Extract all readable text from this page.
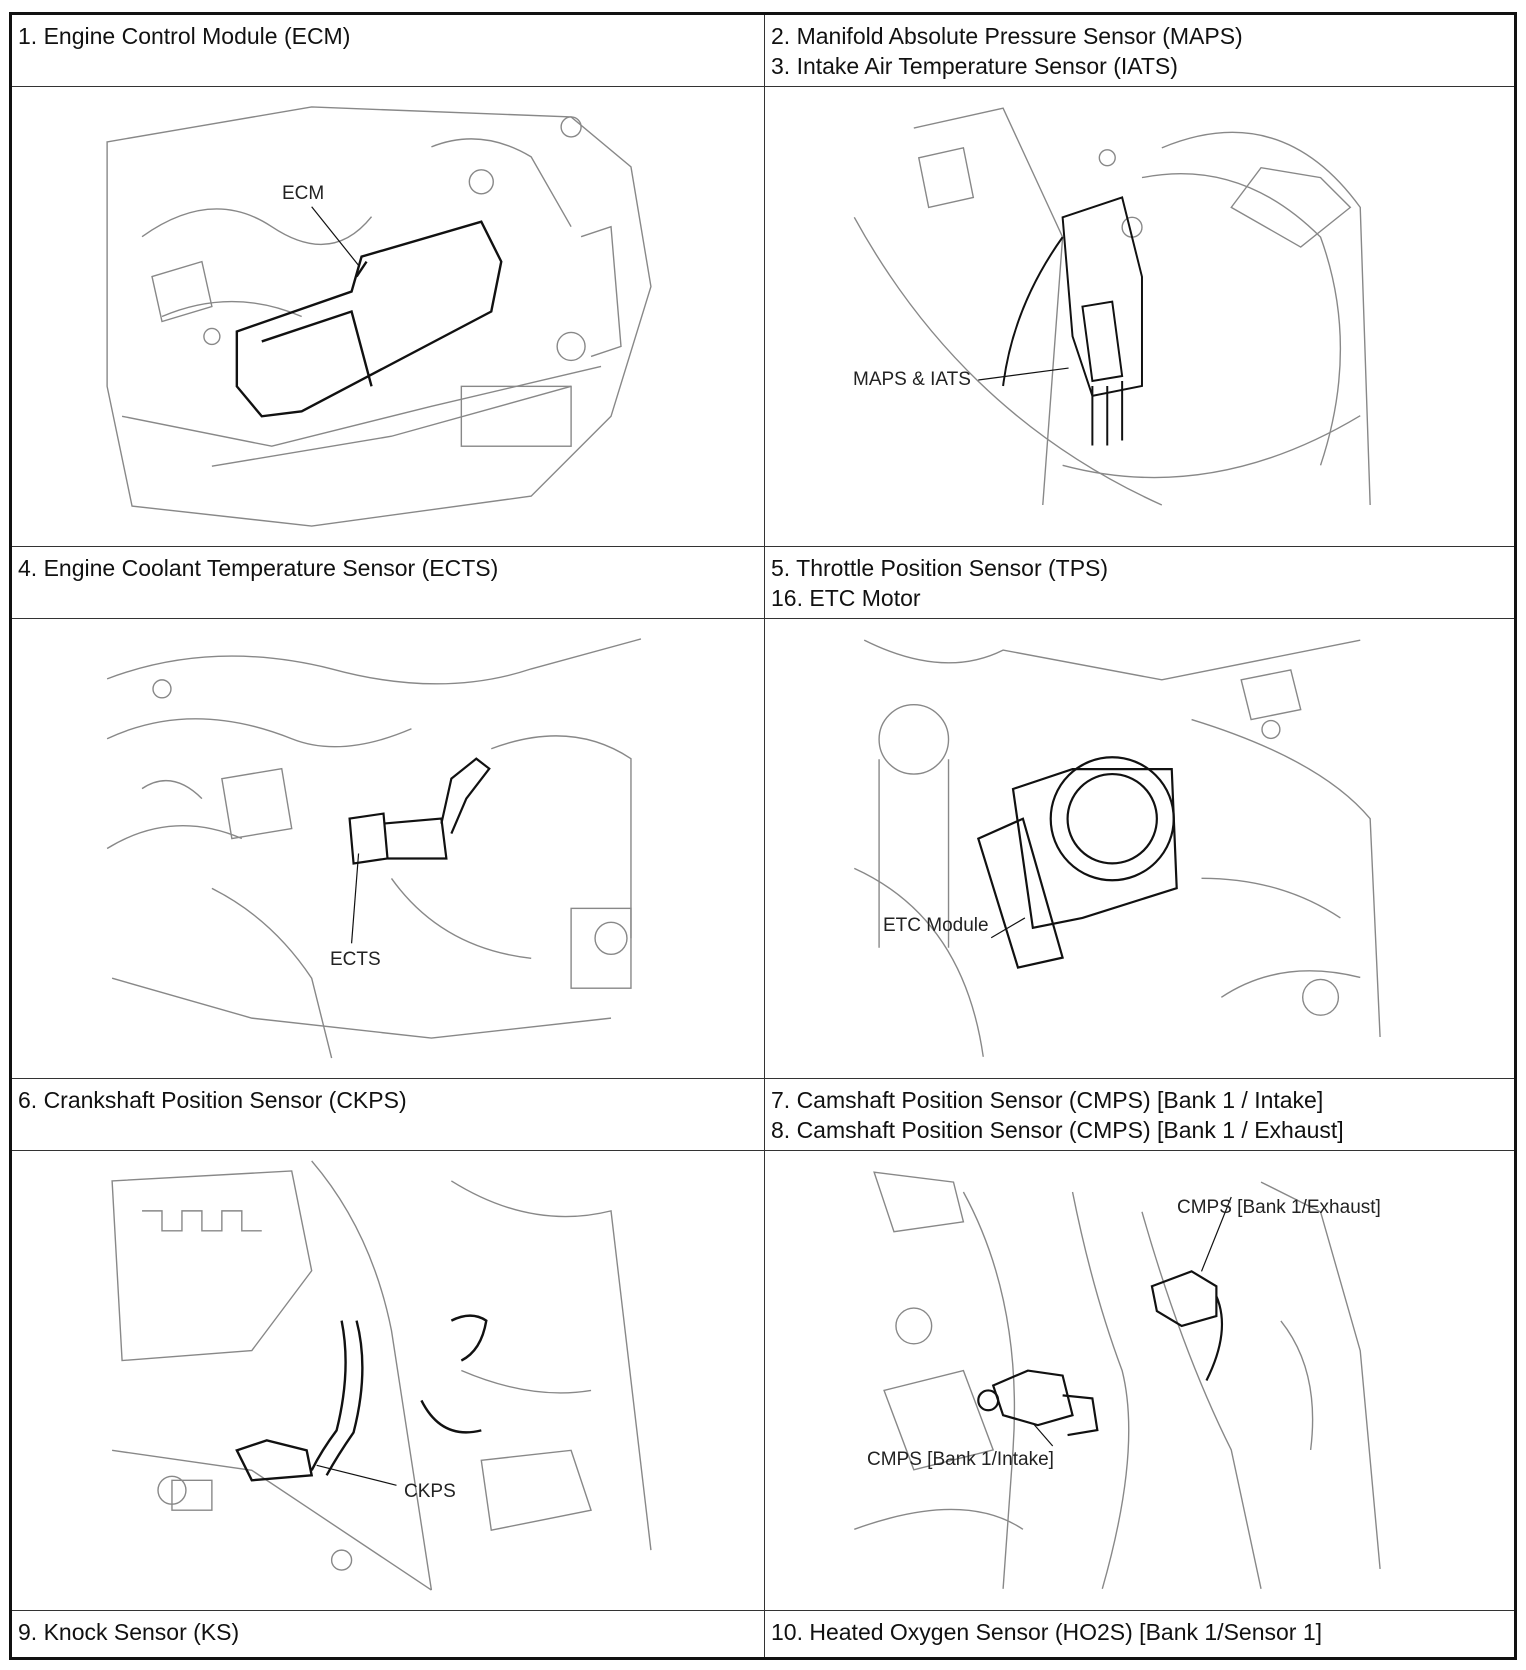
1. Engine Control Module (ECM)	2. Manifold Absolute Pressure Sensor (MAPS)
3. Intake Air Temperature Sensor (IATS)
ECM
MAPS & IATS
4. Engine Coolant Temperature Sensor (ECTS)	5. Throttle Position Sensor (TPS)
16. ETC Motor
ECTS
ETC Module
6. Crankshaft Position Sensor (CKPS)	7. Camshaft Position Sensor (CMPS) [Bank 1 / Intake]
8. Camshaft Position Sensor (CMPS) [Bank 1 / Exhaust]
CKPS
CMPS [Bank 1/Exhaust]
CMPS [Bank 1/Intake]
9. Knock Sensor (KS)	10. Heated Oxygen Sensor (HO2S) [Bank 1/Sensor 1]
